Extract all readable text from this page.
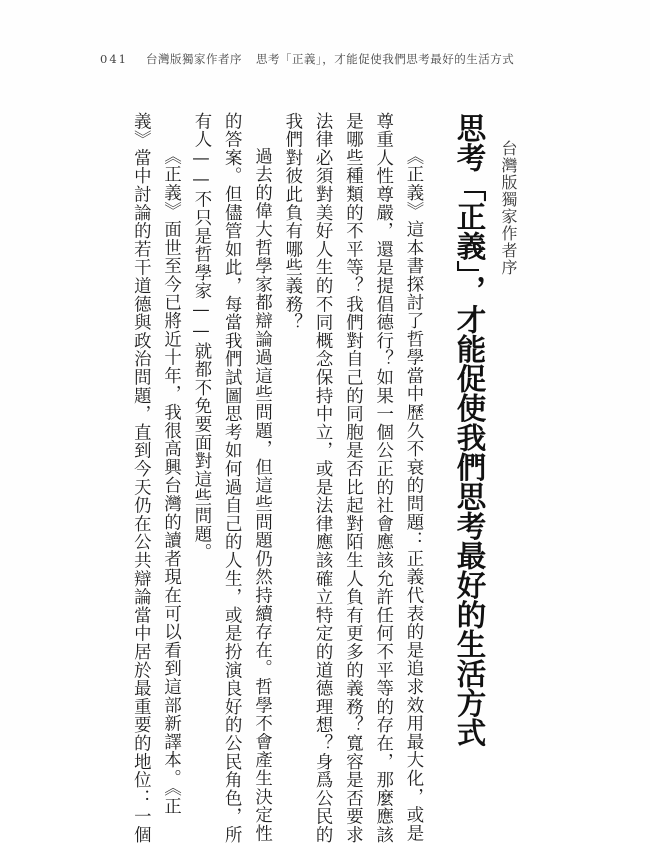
041 台灣版獨家作者序 思考「正義」，才能促使我們思考最好的生活方式
台灣版獨家作者序
思考「正義」，才能促使我們思考最好的生活方式

《正義》這本書探討了哲學當中歷久不衰的問題：正義代表的是追求效用最大化，或是

尊重人性尊嚴，還是提倡德行？如果一個公正的社會應該允許任何不平等的存在，那麼應該

是哪些種類的不平等？我們對自己的同胞是否比起對陌生人負有更多的義務？寬容是否要求

法律必須對美好人生的不同概念保持中立，或是法律應該確立特定的道德理想？身爲公民的

我們對彼此負有哪些義務？

過去的偉大哲學家都辯論過這些問題，但這些問題仍然持續存在。哲學不會產生決定性

的答案。但儘管如此，每當我們試圖思考如何過自己的人生，或是扮演良好的公民角色，所

有人——不只是哲學家——就都不免要面對這些問題。

《正義》面世至今已將近十年，我很高興台灣的讀者現在可以看到這部新譯本。《正

義》當中討論的若干道德與政治問題，直到今天仍在公共辯論當中居於最重要的地位：一個
